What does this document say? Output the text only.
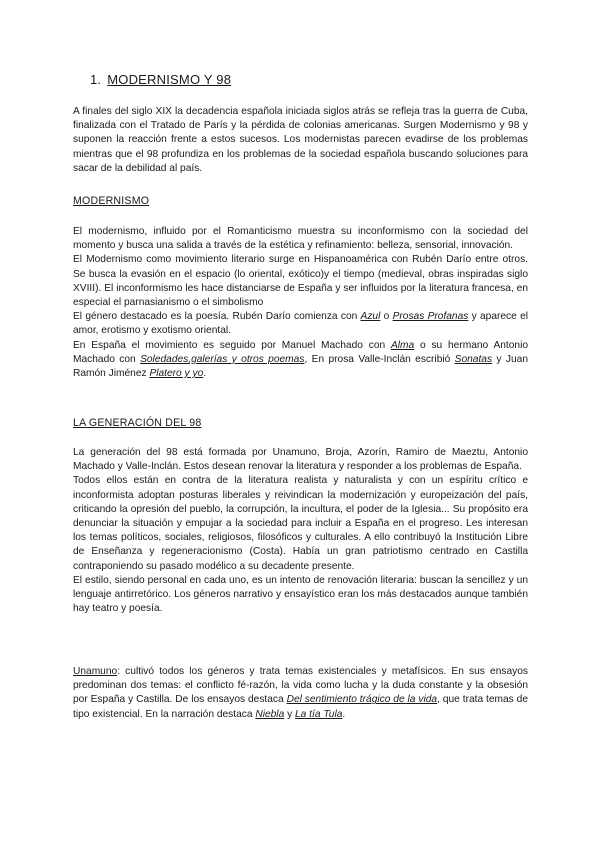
1. MODERNISMO Y 98

A finales del siglo XIX la decadencia española iniciada siglos atrás se refleja tras la guerra de Cuba, finalizada con el Tratado de París y la pérdida de colonias americanas. Surgen Modernismo y 98 y suponen la reacción frente a estos sucesos. Los modernistas parecen evadirse de los problemas mientras que el 98 profundiza en los problemas de la sociedad española buscando soluciones para sacar de la debilidad al país.

MODERNISMO

El modernismo, influido por el Romanticismo muestra su inconformismo con la sociedad del momento y busca una salida a través de la estética y refinamiento: belleza, sensorial, innovación.

El Modernismo como movimiento literario surge en Hispanoamérica con Rubén Darío entre otros. Se busca la evasión en el espacio (lo oriental, exótico)y el tiempo (medieval, obras inspiradas siglo XVIII). El inconformismo les hace distanciarse de España y ser influidos por la literatura francesa, en especial el parnasianismo o el simbolismo

El género destacado es la poesía. Rubén Darío comienza con Azul o Prosas Profanas y aparece el amor, erotismo y exotismo oriental.

En España el movimiento es seguido por Manuel Machado con Alma o su hermano Antonio Machado con Soledades,galerías y otros poemas, En prosa Valle-Inclán escribió Sonatas y Juan Ramón Jiménez Platero y yo.

LA GENERACIÓN DEL 98

La generación del 98 está formada por Unamuno, Broja, Azorín, Ramiro de Maeztu, Antonio Machado y Valle-Inclán. Estos desean renovar la literatura y responder a los problemas de España.

Todos ellos están en contra de la literatura realista y naturalista y con un espíritu crítico e inconformista adoptan posturas liberales y reivindican la modernización y europeización del país, criticando la opresión del pueblo, la corrupción, la incultura, el poder de la Iglesia... Su propósito era denunciar la situación y empujar a la sociedad para incluir a España en el progreso. Les interesan los temas políticos, sociales, religiosos, filosóficos y culturales. A ello contribuyó la Institución Libre de Enseñanza y regeneracionismo (Costa). Había un gran patriotismo centrado en Castilla contraponiendo su pasado modélico a su decadente presente.

El estilo, siendo personal en cada uno, es un intento de renovación literaria: buscan la sencillez y un lenguaje antirretórico. Los géneros narrativo y ensayístico eran los más destacados aunque también hay teatro y poesía.

Unamuno: cultivó todos los géneros y trata temas existenciales y metafísicos. En sus ensayos predominan dos temas: el conflicto fé-razón, la vida como lucha y la duda constante y la obsesión por España y Castilla. De los ensayos destaca Del sentimiento trágico de la vida, que trata temas de tipo existencial. En la narración destaca Niebla y La tía Tula.
